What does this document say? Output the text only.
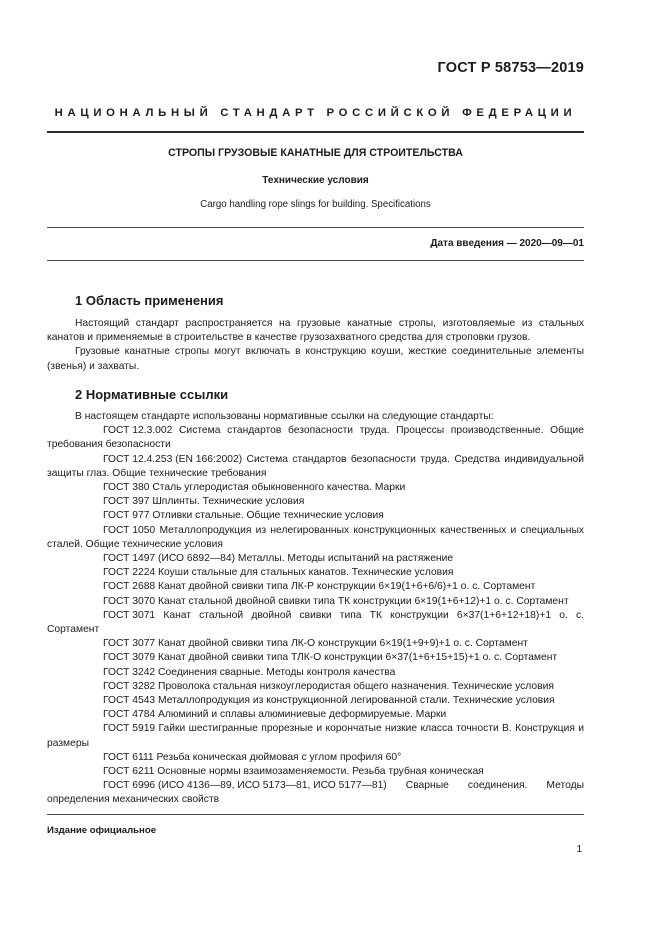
ГОСТ Р 58753—2019
НАЦИОНАЛЬНЫЙ СТАНДАРТ РОССИЙСКОЙ ФЕДЕРАЦИИ
СТРОПЫ ГРУЗОВЫЕ КАНАТНЫЕ ДЛЯ СТРОИТЕЛЬСТВА
Технические условия
Cargo handling rope slings for building. Specifications
Дата введения — 2020—09—01
1 Область применения

Настоящий стандарт распространяется на грузовые канатные стропы, изготовляемые из стальных канатов и применяемые в строительстве в качестве грузозахватного средства для строповки грузов.

Грузовые канатные стропы могут включать в конструкцию коуши, жесткие соединительные элементы (звенья) и захваты.

2 Нормативные ссылки

В настоящем стандарте использованы нормативные ссылки на следующие стандарты:

ГОСТ 12.3.002 Система стандартов безопасности труда. Процессы производственные. Общие требования безопасности

ГОСТ 12.4.253 (EN 166:2002) Система стандартов безопасности труда. Средства индивидуальной защиты глаз. Общие технические требования

ГОСТ 380 Сталь углеродистая обыкновенного качества. Марки

ГОСТ 397 Шплинты. Технические условия

ГОСТ 977 Отливки стальные. Общие технические условия

ГОСТ 1050 Металлопродукция из нелегированных конструкционных качественных и специальных сталей. Общие технические условия

ГОСТ 1497 (ИСО 6892—84) Металлы. Методы испытаний на растяжение

ГОСТ 2224 Коуши стальные для стальных канатов. Технические условия

ГОСТ 2688 Канат двойной свивки типа ЛК-Р конструкции 6×19(1+6+6/6)+1 о. с. Сортамент

ГОСТ 3070 Канат стальной двойной свивки типа ТК конструкции 6×19(1+6+12)+1 о. с. Сортамент

ГОСТ 3071 Канат стальной двойной свивки типа ТК конструкции 6×37(1+6+12+18)+1 о. с. Сортамент

ГОСТ 3077 Канат двойной свивки типа ЛК-О конструкции 6×19(1+9+9)+1 о. с. Сортамент

ГОСТ 3079 Канат двойной свивки типа ТЛК-О конструкции 6×37(1+6+15+15)+1 о. с. Сортамент

ГОСТ 3242 Соединения сварные. Методы контроля качества

ГОСТ 3282 Проволока стальная низкоуглеродистая общего назначения. Технические условия

ГОСТ 4543 Металлопродукция из конструкционной легированной стали. Технические условия

ГОСТ 4784 Алюминий и сплавы алюминиевые деформируемые. Марки

ГОСТ 5919 Гайки шестигранные прорезные и корончатые низкие класса точности В. Конструкция и размеры

ГОСТ 6111 Резьба коническая дюймовая с углом профиля 60°

ГОСТ 6211 Основные нормы взаимозаменяемости. Резьба трубная коническая

ГОСТ 6996 (ИСО 4136—89, ИСО 5173—81, ИСО 5177—81) Сварные соединения. Методы определения механических свойств

Издание официальное
1
